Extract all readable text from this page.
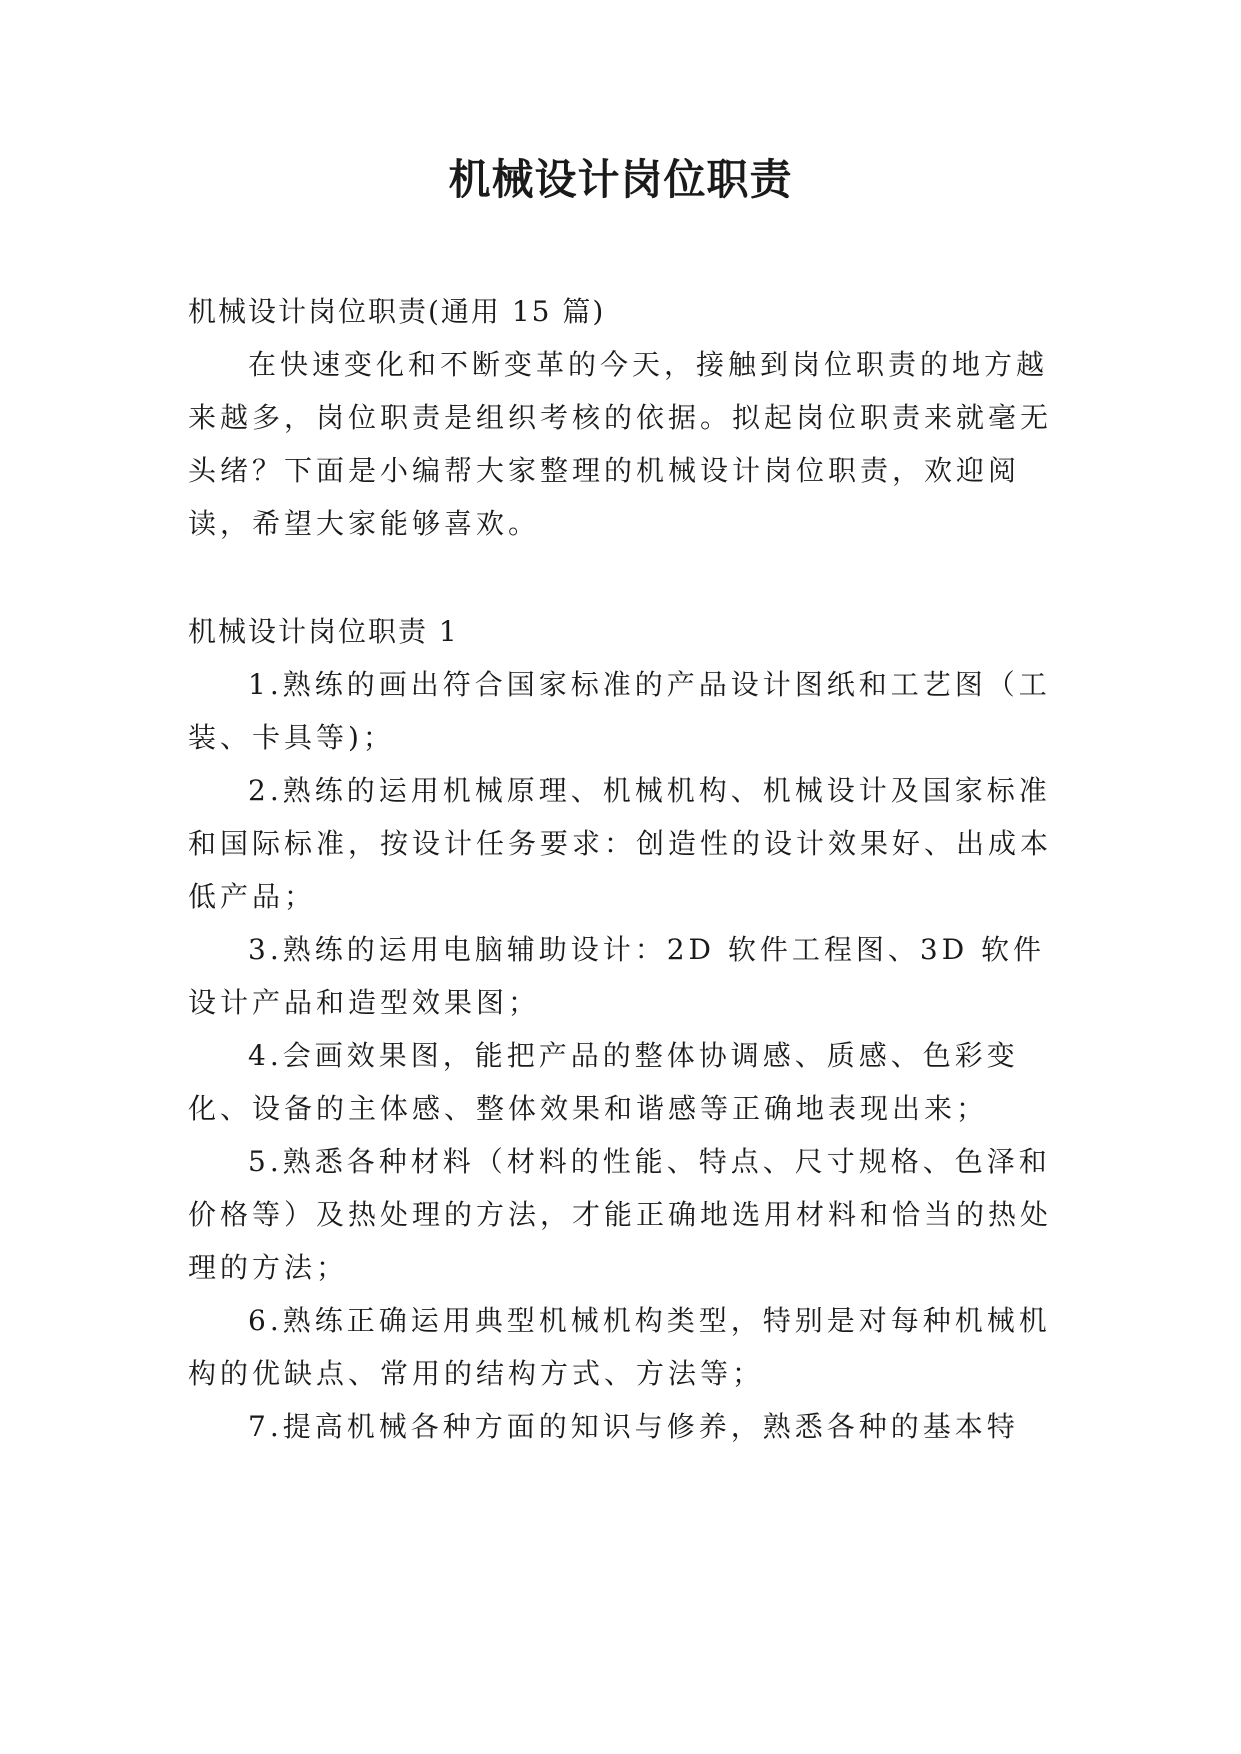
机械设计岗位职责

机械设计岗位职责(通用 15 篇)

在快速变化和不断变革的今天，接触到岗位职责的地方越来越多，岗位职责是组织考核的依据。拟起岗位职责来就毫无头绪？下面是小编帮大家整理的机械设计岗位职责，欢迎阅读，希望大家能够喜欢。

机械设计岗位职责 1

1.熟练的画出符合国家标准的产品设计图纸和工艺图（工装、卡具等)；

2.熟练的运用机械原理、机械机构、机械设计及国家标准和国际标准，按设计任务要求：创造性的设计效果好、出成本低产品；

3.熟练的运用电脑辅助设计：2D 软件工程图、3D 软件设计产品和造型效果图；

4.会画效果图，能把产品的整体协调感、质感、色彩变化、设备的主体感、整体效果和谐感等正确地表现出来；

5.熟悉各种材料（材料的性能、特点、尺寸规格、色泽和价格等）及热处理的方法，才能正确地选用材料和恰当的热处理的方法；

6.熟练正确运用典型机械机构类型，特别是对每种机械机构的优缺点、常用的结构方式、方法等；

7.提高机械各种方面的知识与修养，熟悉各种的基本特
